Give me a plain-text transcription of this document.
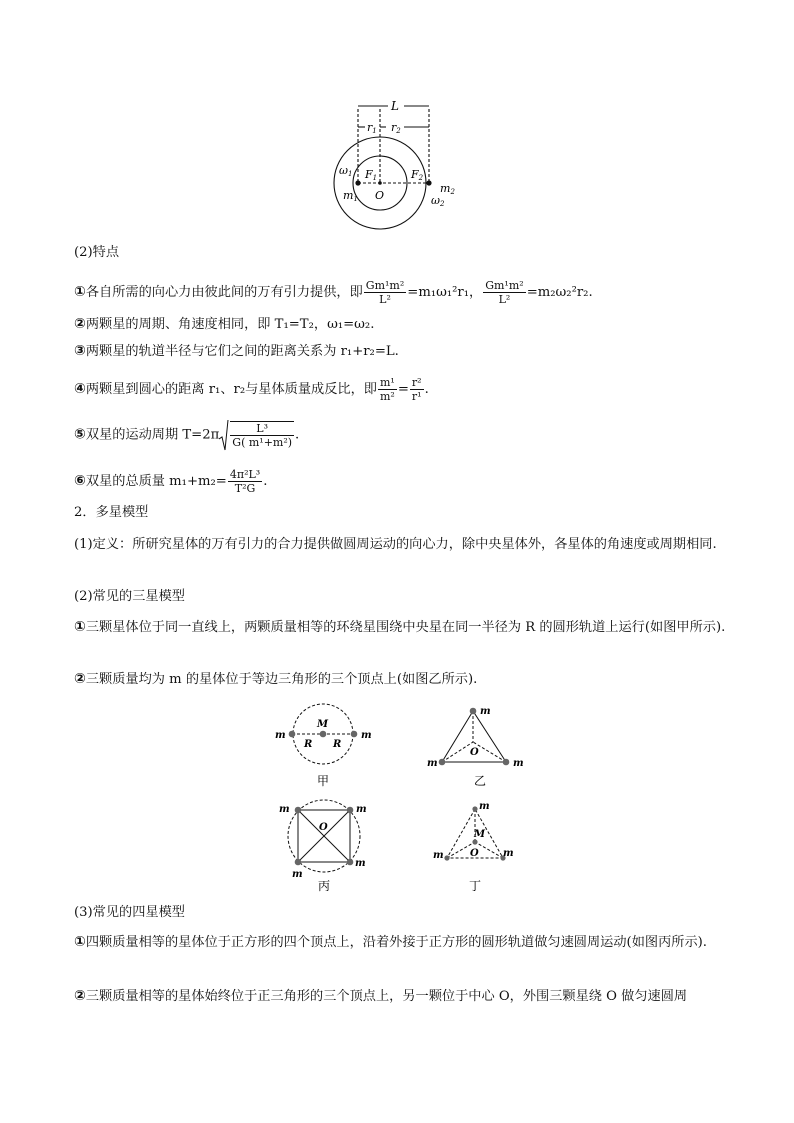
L
r1 r2
ω1
m1
F1
O
F2
m2
ω2
(2)特点
①各自所需的向心力由彼此间的万有引力提供，即 $\frac{\text{Gm¹m²}}{\text{L²}} =m_1\omega_1^2r_1$， $\frac{\text{Gm¹m²}}{\text{L²}} =m_2\omega_2^2r_2$.
②两颗星的周期、角速度相同，即 T₁=T₂，ω₁=ω₂.
③两颗星的轨道半径与它们之间的距离关系为 r₁+r₂=L.
④两颗星到圆心的距离 r₁、r₂与星体质量成反比，即 $\frac{\text{m¹}}{\text{m²}} = \frac{\text{r²}}{\text{r¹}}$ .
⑤双星的运动周期 $T=2\pi \frac{\text{L³}}{\text{G( m¹+m²)}}$ .
⑥双星的总质量 $m_1+m_2= \frac{\text{4π²L³}}{\text{T²G}}$ .
2．多星模型
(1)定义：所研究星体的万有引力的合力提供做圆周运动的向心力，除中央星体外，各星体的角速度或周期相同.
(2)常见的三星模型
①三颗星体位于同一直线上，两颗质量相等的环绕星围绕中央星在同一半径为 R 的圆形轨道上运行(如图甲所示).
②三颗质量均为 m 的星体位于等边三角形的三个顶点上(如图乙所示).
m
M
R R
m
甲
m
O
m	m
乙
m	m
O
m
m
丙
m
M
O
m	m
丁
(3)常见的四星模型
①四颗质量相等的星体位于正方形的四个顶点上，沿着外接于正方形的圆形轨道做匀速圆周运动(如图丙所示).
②三颗质量相等的星体始终位于正三角形的三个顶点上，另一颗位于中心 O，外围三颗星绕 O 做匀速圆周
